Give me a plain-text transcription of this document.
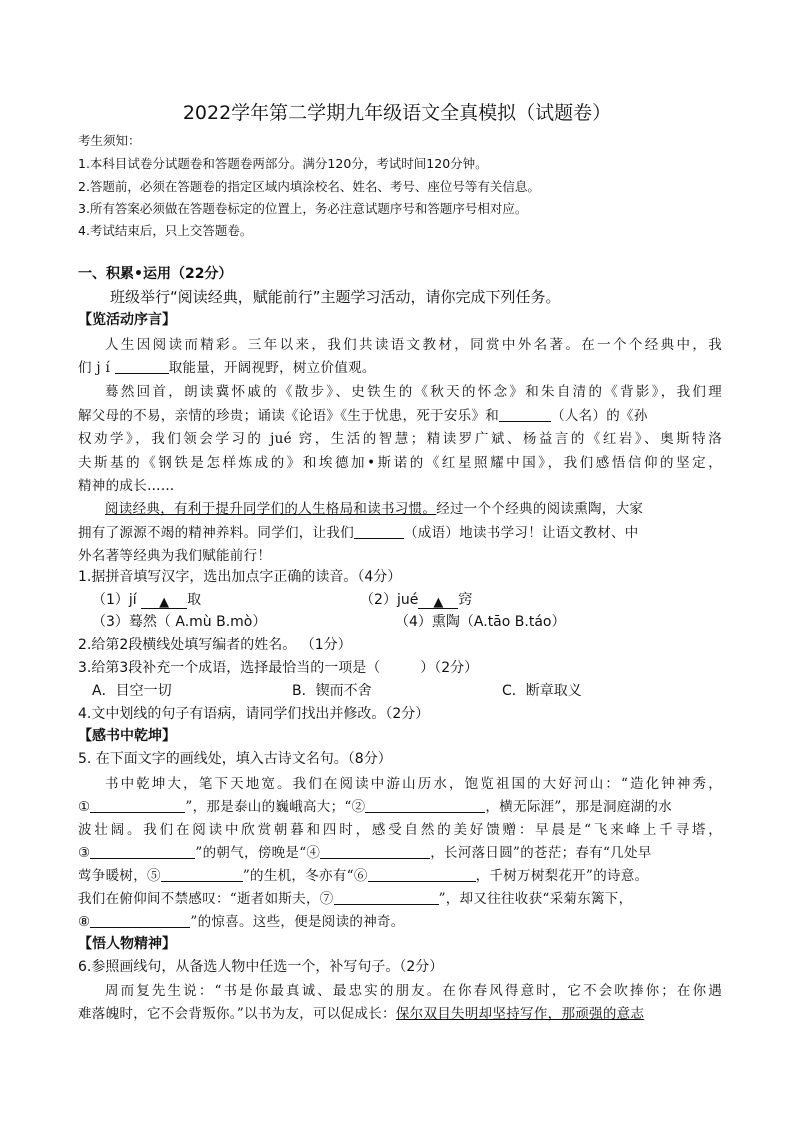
2022学年第二学期九年级语文全真模拟（试题卷）
考生须知：
1.本科目试卷分试题卷和答题卷两部分。满分120分，考试时间120分钟。
2.答题前，必须在答题卷的指定区域内填涂校名、姓名、考号、座位号等有关信息。
3.所有答案必须做在答题卷标定的位置上，务必注意试题序号和答题序号相对应。
4.考试结束后，只上交答题卷。
一、积累•运用（22分）
班级举行“阅读经典，赋能前行”主题学习活动，请你完成下列任务。
【览活动序言】
人生因阅读而精彩。三年以来，我们共读语文教材，同赏中外名著。在一个个经典中，我
们 j í	取能量，开阔视野，树立价值观。
蓦然回首，朗读冀怀戚的《散步》、史铁生的《秋天的怀念》和朱自清的《背影》，我们理
解父母的不易，亲情的珍贵；诵读《论语》《生于忧患，死于安乐》和	（人名）的《孙
权劝学》，我们领会学习的 jué 窍，生活的智慧；精读罗广斌、杨益言的《红岩》、奥斯特洛
夫斯基的《钢铁是怎样炼成的》和埃德加•斯诺的《红星照耀中国》，我们感悟信仰的坚定，
精神的成长……
阅读经典，有利于提升同学们的人生格局和读书习惯。经过一个个经典的阅读熏陶，大家
拥有了源源不竭的精神养料。同学们，让我们	（成语）地读书学习！让语文教材、中
外名著等经典为我们赋能前行！
1.据拼音填写汉字，选出加点字正确的读音。（4分）
（1）jí ▲ 取	（2）jué ▲ 窍
（3）蓦然（ A.mù B.mò）	（4）熏陶（A.tāo B.táo）
2.给第2段横线处填写编者的姓名。 （1分）
3.给第3段补充一个成语，选择最恰当的一项是（	）（2分）
A．目空一切	B．锲而不舍	C．断章取义
4.文中划线的句子有语病，请同学们找出并修改。（2分）
【感书中乾坤】
5. 在下面文字的画线处，填入古诗文名句。（8分）
书中乾坤大，笔下天地宽。我们在阅读中游山历水，饱览祖国的大好河山：“造化钟神秀，
①	”，那是泰山的巍峨高大；“②	，横无际涯”，那是洞庭湖的水
波壮阔。我们在阅读中欣赏朝暮和四时，感受自然的美好馈赠：早晨是“飞来峰上千寻塔，
③	”的朝气，傍晚是“④	，长河落日圆”的苍茫；春有“几处早
莺争暖树，⑤	”的生机，冬亦有“⑥	，千树万树梨花开”的诗意。
我们在俯仰间不禁感叹：“逝者如斯夫，⑦	”，却又往往收获“采菊东篱下，
⑧	”的惊喜。这些，便是阅读的神奇。
【悟人物精神】
6.参照画线句，从备选人物中任选一个，补写句子。（2分）
周而复先生说：“书是你最真诚、最忠实的朋友。在你春风得意时，它不会吹捧你；在你遇
难落魄时，它不会背叛你。”以书为友，可以促成长：保尔双目失明却坚持写作，那顽强的意志
